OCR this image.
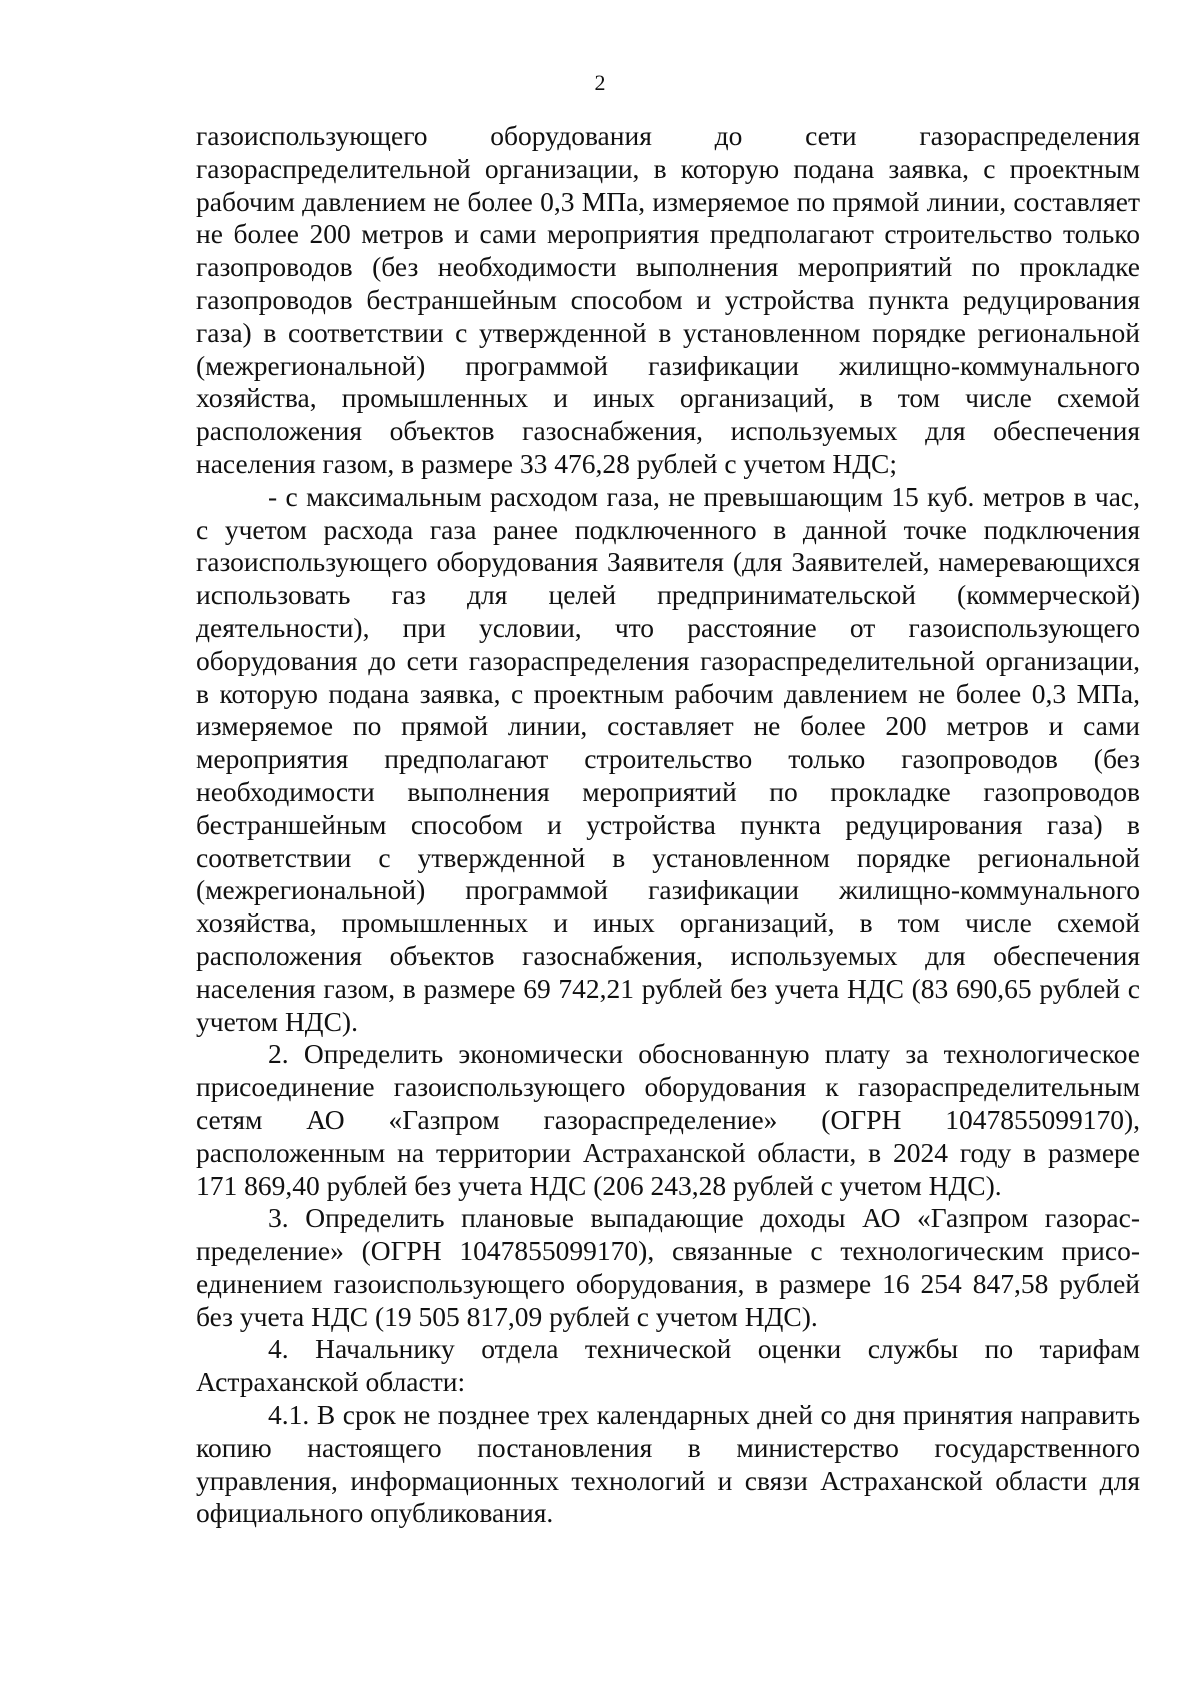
2

газоиспользующего оборудования до сети газораспределения газораспределительной организации, в которую подана заявка, с проектным рабочим давлением не более 0,3 МПа, измеряемое по прямой линии, составляет не более 200 метров и сами мероприятия предполагают строительство только газопроводов (без необходимости выполнения мероприятий по прокладке газопроводов бестраншейным способом и устройства пункта редуцирования газа) в соответствии с утвержденной в установленном порядке региональной (межрегиональной) программой газификации жилищно-коммунального хозяйства, промышленных и иных организаций, в том числе схемой расположения объектов газоснабжения, используемых для обеспечения населения газом, в размере 33 476,28 рублей с учетом НДС;

- с максимальным расходом газа, не превышающим 15 куб. метров в час, с учетом расхода газа ранее подключенного в данной точке подключения газоиспользующего оборудования Заявителя (для Заявителей, намеревающихся использовать газ для целей предпринимательской (коммерческой) деятельности), при условии, что расстояние от газоиспользующего оборудования до сети газораспределения газораспределительной организации, в которую подана заявка, с проектным рабочим давлением не более 0,3 МПа, измеряемое по прямой линии, составляет не более 200 метров и сами мероприятия предполагают строительство только газопроводов (без необходимости выполнения мероприятий по прокладке газопроводов бестраншейным способом и устройства пункта редуцирования газа) в соответствии с утвержденной в установленном порядке региональной (межрегиональной) программой газификации жилищно-коммунального хозяйства, промышленных и иных организаций, в том числе схемой расположения объектов газоснабжения, используемых для обеспечения населения газом, в размере 69 742,21 рублей без учета НДС (83 690,65 рублей с учетом НДС).

2. Определить экономически обоснованную плату за технологическое присоединение газоиспользующего оборудования к газораспределительным сетям АО «Газпром газораспределение» (ОГРН 1047855099170), расположенным на территории Астраханской области, в 2024 году в размере 171 869,40 рублей без учета НДС (206 243,28 рублей с учетом НДС).

3. Определить плановые выпадающие доходы АО «Газпром газораспределение» (ОГРН 1047855099170), связанные с технологическим присоединением газоиспользующего оборудования, в размере 16 254 847,58 рублей без учета НДС (19 505 817,09 рублей с учетом НДС).

4. Начальнику отдела технической оценки службы по тарифам Астраханской области:

4.1. В срок не позднее трех календарных дней со дня принятия направить копию настоящего постановления в министерство государственного управления, информационных технологий и связи Астраханской области для официального опубликования.
